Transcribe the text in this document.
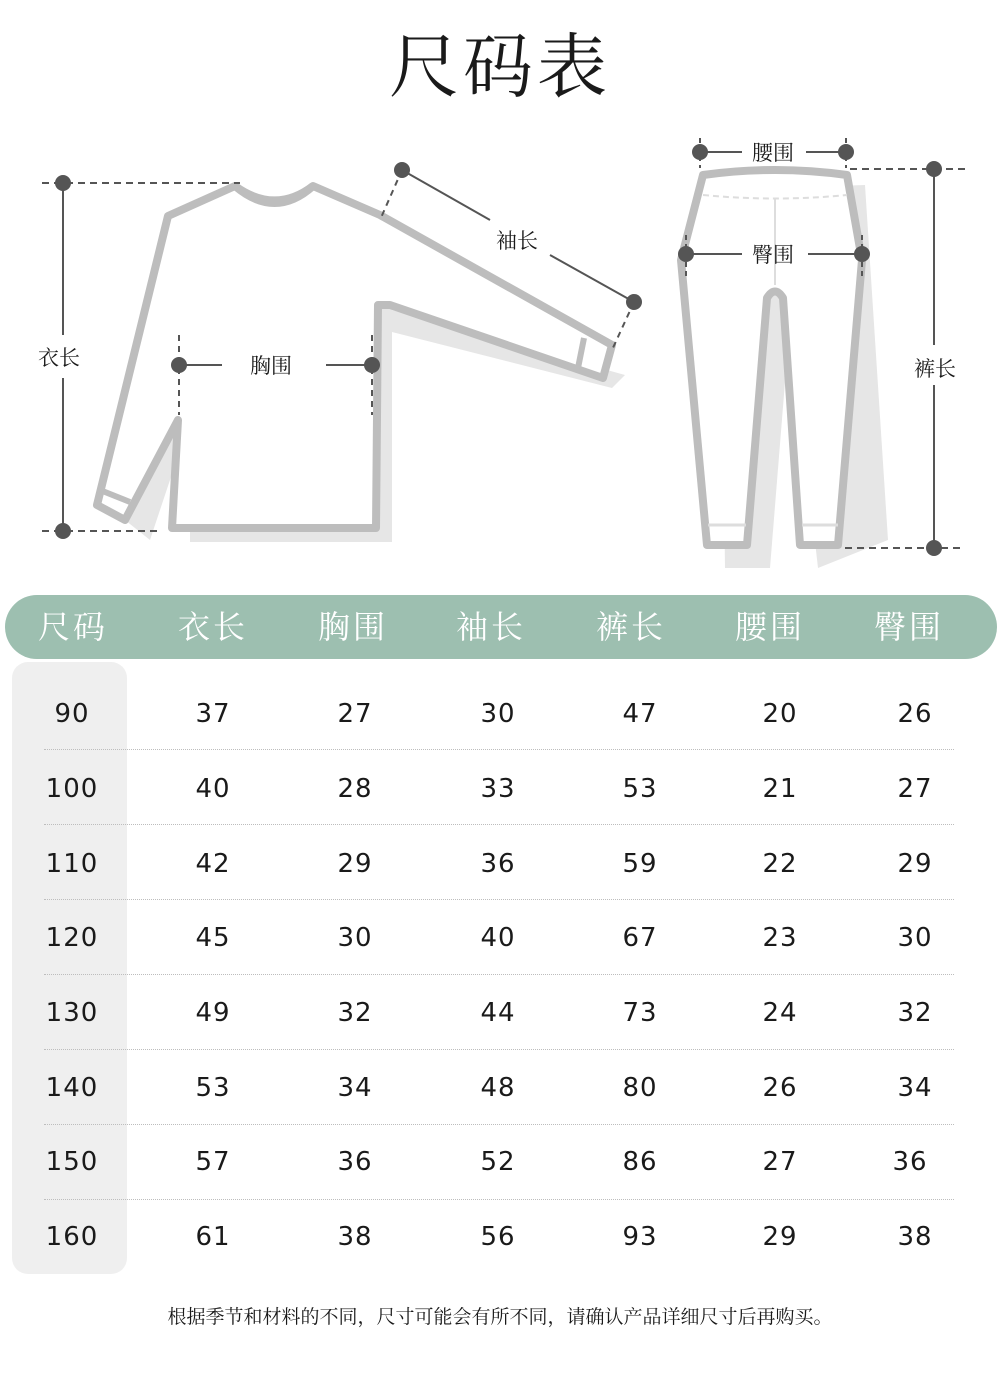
尺码表
衣长	胸围
袖长
腰围
臀围
裤长
尺码	衣长	胸围	袖长	裤长	腰围	臀围
90	37	27	30	47	20	26
100	40	28	33	53	21	27
110	42	29	36	59	22	29
120	45	30	40	67	23	30
130	49	32	44	73	24	32
140	53	34	48	80	26	34
150	57	36	52	86	27	36
160	61	38	56	93	29	38
根据季节和材料的不同，尺寸可能会有所不同，请确认产品详细尺寸后再购买。
